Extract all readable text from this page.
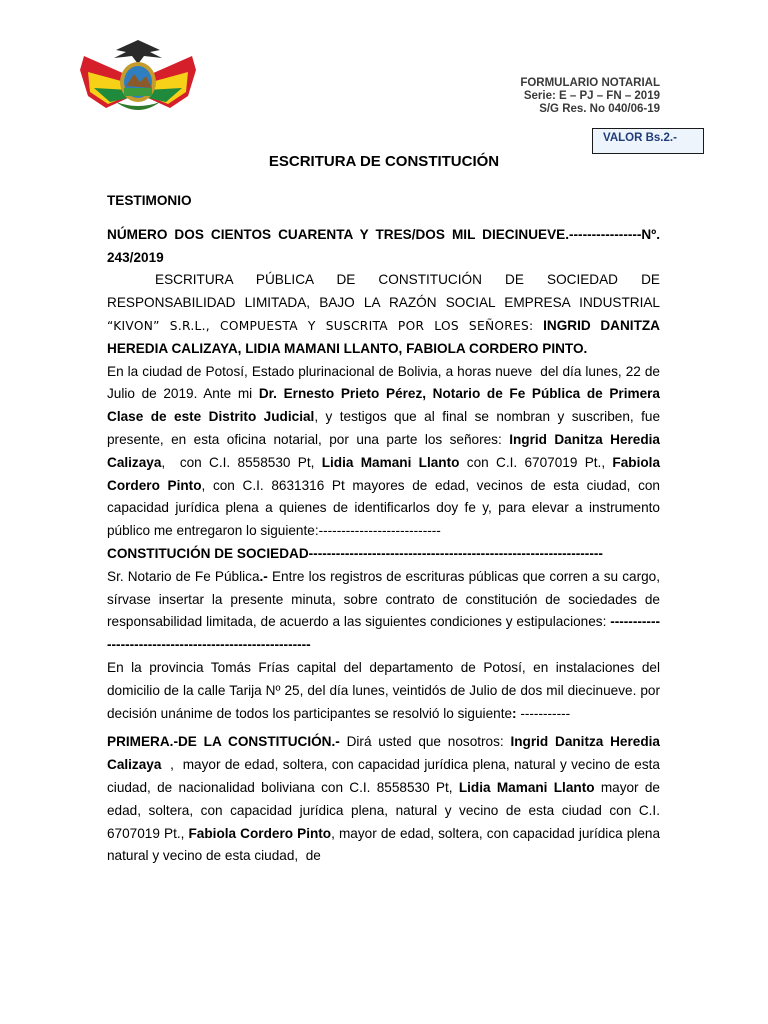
FORMULARIO NOTARIAL
Serie: E – PJ – FN – 2019
S/G Res. No 040/06-19
VALOR Bs.2.-
ESCRITURA DE CONSTITUCIÓN

TESTIMONIO

NÚMERO DOS CIENTOS CUARENTA Y TRES/DOS MIL DIECINUEVE.----------------Nº. 243/2019

ESCRITURA PÚBLICA DE CONSTITUCIÓN DE SOCIEDAD DE RESPONSABILIDAD LIMITADA, BAJO LA RAZÓN SOCIAL EMPRESA INDUSTRIAL “KIVON” S.R.L., COMPUESTA Y SUSCRITA POR LOS SEÑORES: INGRID DANITZA HEREDIA CALIZAYA, LIDIA MAMANI LLANTO, FABIOLA CORDERO PINTO.

En la ciudad de Potosí, Estado plurinacional de Bolivia, a horas nueve  del día lunes, 22 de Julio de 2019. Ante mi Dr. Ernesto Prieto Pérez, Notario de Fe Pública de Primera Clase de este Distrito Judicial, y testigos que al final se nombran y suscriben, fue presente, en esta oficina notarial, por una parte los señores: Ingrid Danitza Heredia Calizaya,  con C.I. 8558530 Pt, Lidia Mamani Llanto con C.I. 6707019 Pt., Fabiola Cordero Pinto, con C.I. 8631316 Pt mayores de edad, vecinos de esta ciudad, con capacidad jurídica plena a quienes de identificarlos doy fe y, para elevar a instrumento público me entregaron lo siguiente:---------------------------

CONSTITUCIÓN DE SOCIEDAD-----------------------------------------------------------------

Sr. Notario de Fe Pública.- Entre los registros de escrituras públicas que corren a su cargo, sírvase insertar la presente minuta, sobre contrato de constitución de sociedades de responsabilidad limitada, de acuerdo a las siguientes condiciones y estipulaciones: --------------------------------------------------------

En la provincia Tomás Frías capital del departamento de Potosí, en instalaciones del domicilio de la calle Tarija Nº 25, del día lunes, veintidós de Julio de dos mil diecinueve. por decisión unánime de todos los participantes se resolvió lo siguiente: -----------

PRIMERA.-DE LA CONSTITUCIÓN.- Dirá usted que nosotros: Ingrid Danitza Heredia Calizaya  ,  mayor de edad, soltera, con capacidad jurídica plena, natural y vecino de esta ciudad, de nacionalidad boliviana con C.I. 8558530 Pt, Lidia Mamani Llanto mayor de edad, soltera, con capacidad jurídica plena, natural y vecino de esta ciudad con C.I. 6707019 Pt., Fabiola Cordero Pinto, mayor de edad, soltera, con capacidad jurídica plena natural y vecino de esta ciudad,  de
